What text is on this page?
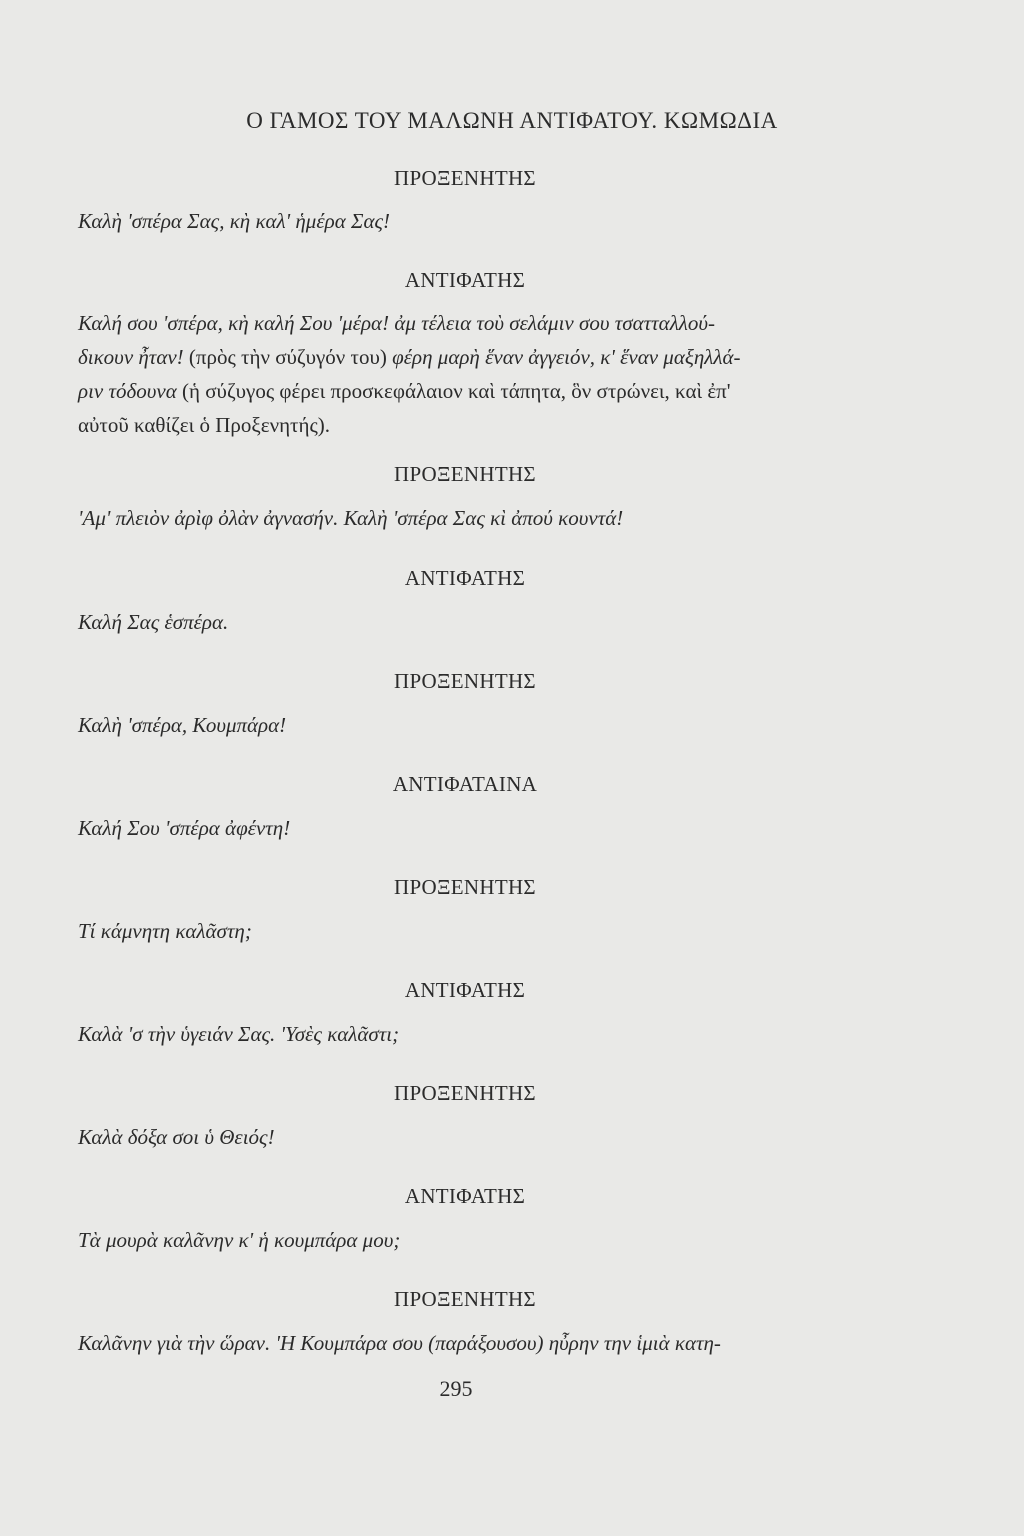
Ο ΓΑΜΟΣ ΤΟΥ ΜΑΛΩΝΗ ΑΝΤΙΦΑΤΟΥ. ΚΩΜΩΔΙΑ
ΠΡΟΞΕΝΗΤΗΣ
Καλὴ 'σπέρα Σας, κὴ καλ' ἡμέρα Σας!
ΑΝΤΙΦΑΤΗΣ
Καλή σου 'σπέρα, κὴ καλή Σου 'μέρα! ἀμ τέλεια τοὺ σελάμιν σου τσατταλλού-
δικουν ἦταν! (πρὸς τὴν σύζυγόν του) φέρη μαρὴ ἕναν ἀγγειόν, κ' ἕναν μαξηλλά-
ριν τόδουνα (ἡ σύζυγος φέρει προσκεφάλαιον καὶ τάπητα, ὃν στρώνει, καὶ ἐπ'
αὐτοῦ καθίζει ὁ Προξενητής).
ΠΡΟΞΕΝΗΤΗΣ
'Αμ' πλειὸν ἀρὶφ ὀλὰν ἀγνασήν. Καλὴ 'σπέρα Σας κὶ ἀπού κουντά!
ΑΝΤΙΦΑΤΗΣ
Καλή Σας ἑσπέρα.
ΠΡΟΞΕΝΗΤΗΣ
Καλὴ 'σπέρα, Κουμπάρα!
ΑΝΤΙΦΑΤΑΙΝΑ
Καλή Σου 'σπέρα ἀφέντη!
ΠΡΟΞΕΝΗΤΗΣ
Τί κάμνητη καλᾶστη;
ΑΝΤΙΦΑΤΗΣ
Καλὰ 'σ τὴν ὑγειάν Σας. 'Υσὲς καλᾶστι;
ΠΡΟΞΕΝΗΤΗΣ
Καλὰ δόξα σοι ὑ Θειός!
ΑΝΤΙΦΑΤΗΣ
Τὰ μουρὰ καλᾶνην κ' ἡ κουμπάρα μου;
ΠΡΟΞΕΝΗΤΗΣ
Καλᾶνην γιὰ τὴν ὥραν. 'Η Κουμπάρα σου (παράξουσου) ηὖρην την ἱμιὰ κατη-
295
